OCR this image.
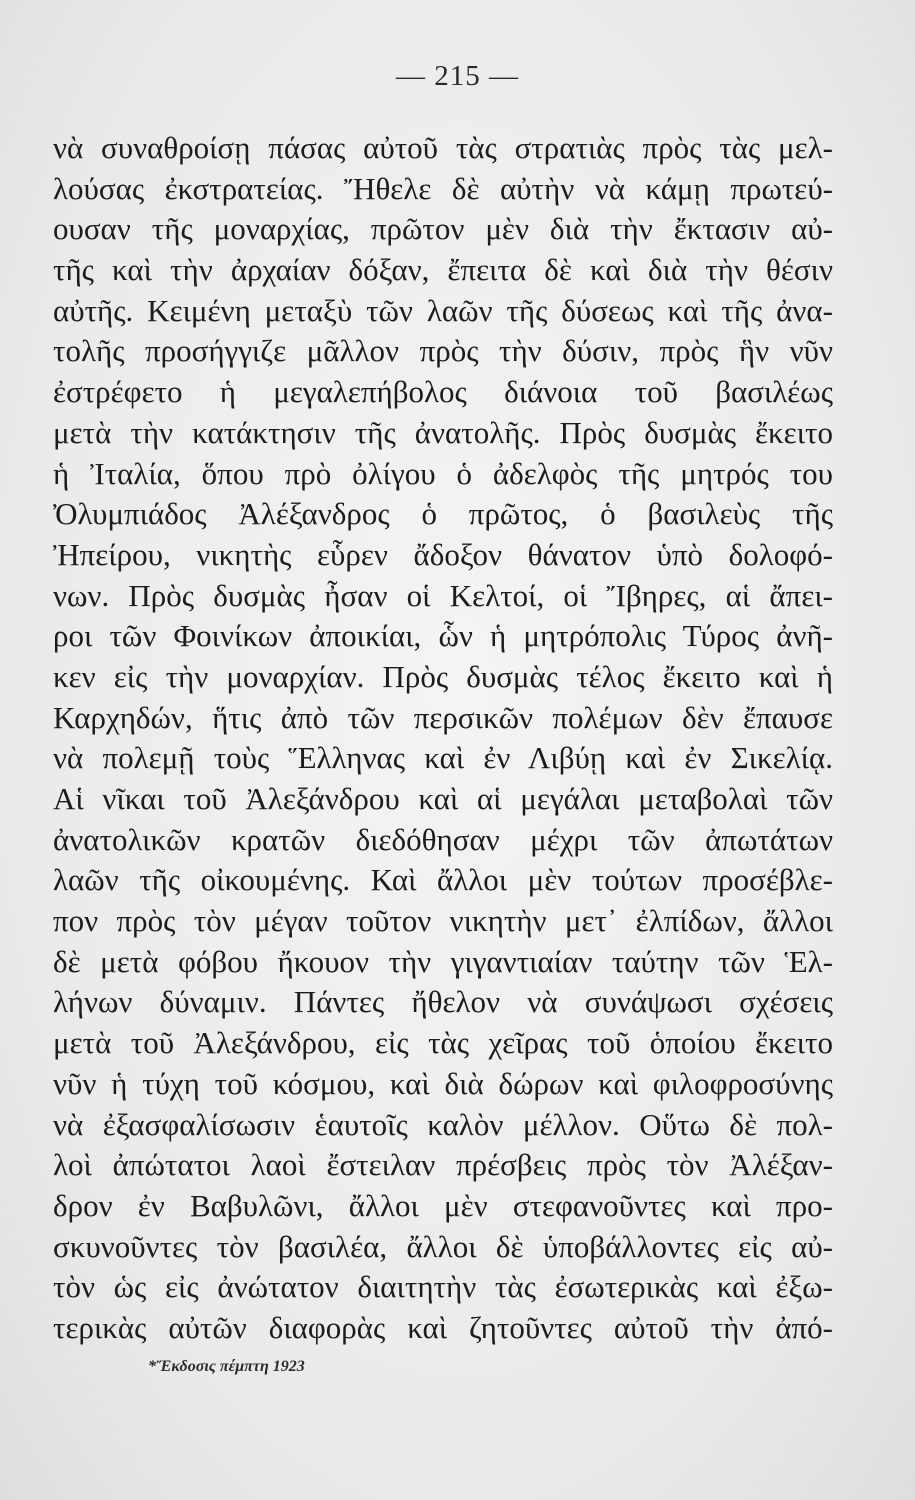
— 215 —
νὰ συναθροίσῃ πάσας αὐτοῦ τὰς στρατιὰς πρὸς τὰς μελ-
λούσας ἐκστρατείας. Ἤθελε δὲ αὐτὴν νὰ κάμῃ πρωτεύ-
ουσαν τῆς μοναρχίας, πρῶτον μὲν διὰ τὴν ἔκτασιν αὐ-
τῆς καὶ τὴν ἀρχαίαν δόξαν, ἔπειτα δὲ καὶ διὰ τὴν θέσιν
αὐτῆς. Κειμένη μεταξὺ τῶν λαῶν τῆς δύσεως καὶ τῆς ἀνα-
τολῆς προσήγγιζε μᾶλλον πρὸς τὴν δύσιν, πρὸς ἣν νῦν
ἐστρέφετο ἡ μεγαλεπήβολος διάνοια τοῦ βασιλέως
μετὰ τὴν κατάκτησιν τῆς ἀνατολῆς. Πρὸς δυσμὰς ἔκειτο
ἡ Ἰταλία, ὅπου πρὸ ὀλίγου ὁ ἀδελφὸς τῆς μητρός του
Ὀλυμπιάδος Ἀλέξανδρος ὁ πρῶτος, ὁ βασιλεὺς τῆς
Ἠπείρου, νικητὴς εὗρεν ἄδοξον θάνατον ὑπὸ δολοφό-
νων. Πρὸς δυσμὰς ἦσαν οἱ Κελτοί, οἱ Ἴβηρες, αἱ ἄπει-
ροι τῶν Φοινίκων ἀποικίαι, ὧν ἡ μητρόπολις Τύρος ἀνῆ-
κεν εἰς τὴν μοναρχίαν. Πρὸς δυσμὰς τέλος ἔκειτο καὶ ἡ
Καρχηδών, ἥτις ἀπὸ τῶν περσικῶν πολέμων δὲν ἔπαυσε
νὰ πολεμῇ τοὺς Ἕλληνας καὶ ἐν Λιβύῃ καὶ ἐν Σικελίᾳ.
Αἱ νῖκαι τοῦ Ἀλεξάνδρου καὶ αἱ μεγάλαι μεταβολαὶ τῶν
ἀνατολικῶν κρατῶν διεδόθησαν μέχρι τῶν ἀπωτάτων
λαῶν τῆς οἰκουμένης. Καὶ ἄλλοι μὲν τούτων προσέβλε-
πον πρὸς τὸν μέγαν τοῦτον νικητὴν μετ᾿ ἐλπίδων, ἄλλοι
δὲ μετὰ φόβου ἤκουον τὴν γιγαντιαίαν ταύτην τῶν Ἑλ-
λήνων δύναμιν. Πάντες ἤθελον νὰ συνάψωσι σχέσεις
μετὰ τοῦ Ἀλεξάνδρου, εἰς τὰς χεῖρας τοῦ ὁποίου ἔκειτο
νῦν ἡ τύχη τοῦ κόσμου, καὶ διὰ δώρων καὶ φιλοφροσύνης
νὰ ἐξασφαλίσωσιν ἑαυτοῖς καλὸν μέλλον. Οὕτω δὲ πολ-
λοὶ ἀπώτατοι λαοὶ ἔστειλαν πρέσβεις πρὸς τὸν Ἀλέξαν-
δρον ἐν Βαβυλῶνι, ἄλλοι μὲν στεφανοῦντες καὶ προ-
σκυνοῦντες τὸν βασιλέα, ἄλλοι δὲ ὑποβάλλοντες εἰς αὐ-
τὸν ὡς εἰς ἀνώτατον διαιτητὴν τὰς ἐσωτερικὰς καὶ ἐξω-
τερικὰς αὐτῶν διαφορὰς καὶ ζητοῦντες αὐτοῦ τὴν ἀπό-
*Ἔκδοσις πέμπτη 1923
